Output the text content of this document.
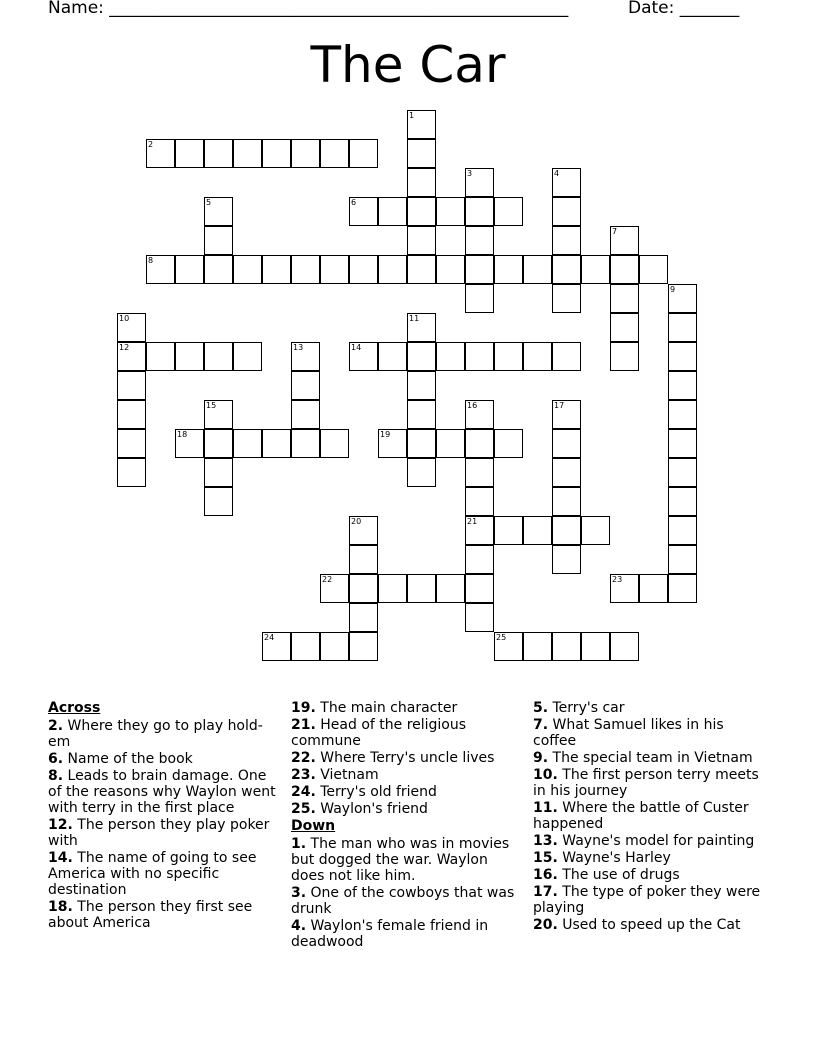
Name: ______________________________________________________	Date: _______
The Car
1
2
3	4
5	6
7
8
9
10
12
11
13	14
15	16
21
17
18	19
20
22	23
24	25
Across
2. Where they go to play hold-em
6. Name of the book
8. Leads to brain damage. One of the reasons why Waylon went with terry in the first place
12. The person they play poker with
14. The name of going to see America with no specific destination
18. The person they first see about America
19. The main character
21. Head of the religious commune
22. Where Terry's uncle lives
23. Vietnam
24. Terry's old friend
25. Waylon's friend
Down
1. The man who was in movies but dogged the war. Waylon does not like him.
3. One of the cowboys that was drunk
4. Waylon's female friend in deadwood
5. Terry's car
7. What Samuel likes in his coffee
9. The special team in Vietnam
10. The first person terry meets in his journey
11. Where the battle of Custer happened
13. Wayne's model for painting
15. Wayne's Harley
16. The use of drugs
17. The type of poker they were playing
20. Used to speed up the Cat
